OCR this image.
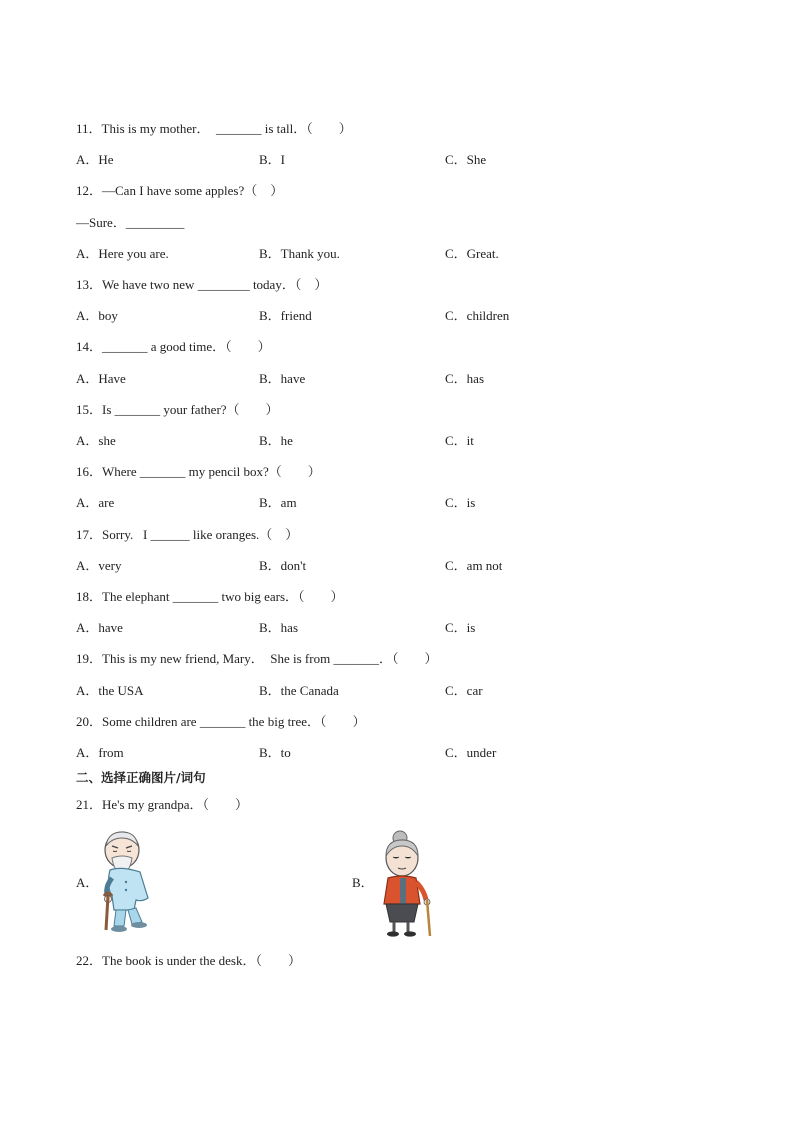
11．This is my mother．  _______ is tall．（　　）
A．He	B．I	C．She
12．—Can I have some apples?（　）
—Sure．_________
A．Here you are.	B．Thank you.	C．Great.
13．We have two new ________ today．（　）
A．boy	B．friend	C．children
14．_______ a good time．（　　）
A．Have	B．have	C．has
15．Is _______ your father?（　　）
A．she	B．he	C．it
16．Where _______ my pencil box?（　　）
A．are	B．am	C．is
17．Sorry.   I ______ like oranges.（　）
A．very	B．don't	C．am not
18．The elephant _______ two big ears．（　　）
A．have	B．has	C．is
19．This is my new friend, Mary．  She is from _______．（　　）
A．the USA	B．the Canada	C．car
20．Some children are _______ the big tree．（　　）
A．from	B．to	C．under
二、选择正确图片/词句
21．He's my grandpa．（　　）
A．	B．
22．The book is under the desk．（　　）
